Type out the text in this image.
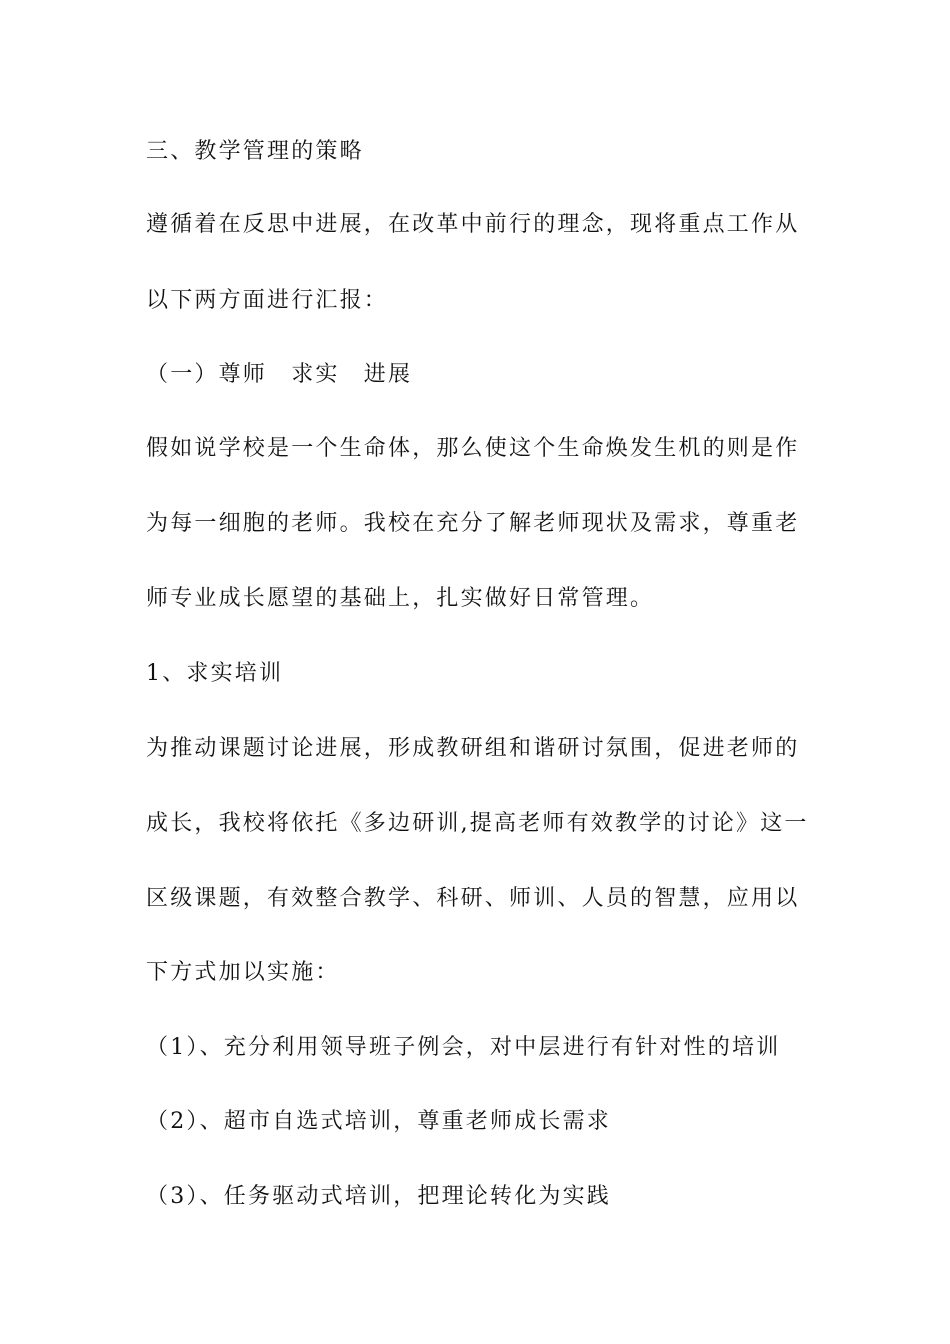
三、教学管理的策略
遵循着在反思中进展，在改革中前行的理念，现将重点工作从
以下两方面进行汇报：
（一）尊师　求实　进展
假如说学校是一个生命体，那么使这个生命焕发生机的则是作
为每一细胞的老师。我校在充分了解老师现状及需求，尊重老
师专业成长愿望的基础上，扎实做好日常管理。
1、求实培训
为推动课题讨论进展，形成教研组和谐研讨氛围，促进老师的
成长，我校将依托《多边研训,提高老师有效教学的讨论》这一
区级课题，有效整合教学、科研、师训、人员的智慧，应用以
下方式加以实施：
（1）、充分利用领导班子例会，对中层进行有针对性的培训
（2）、超市自选式培训，尊重老师成长需求
（3）、任务驱动式培训，把理论转化为实践
